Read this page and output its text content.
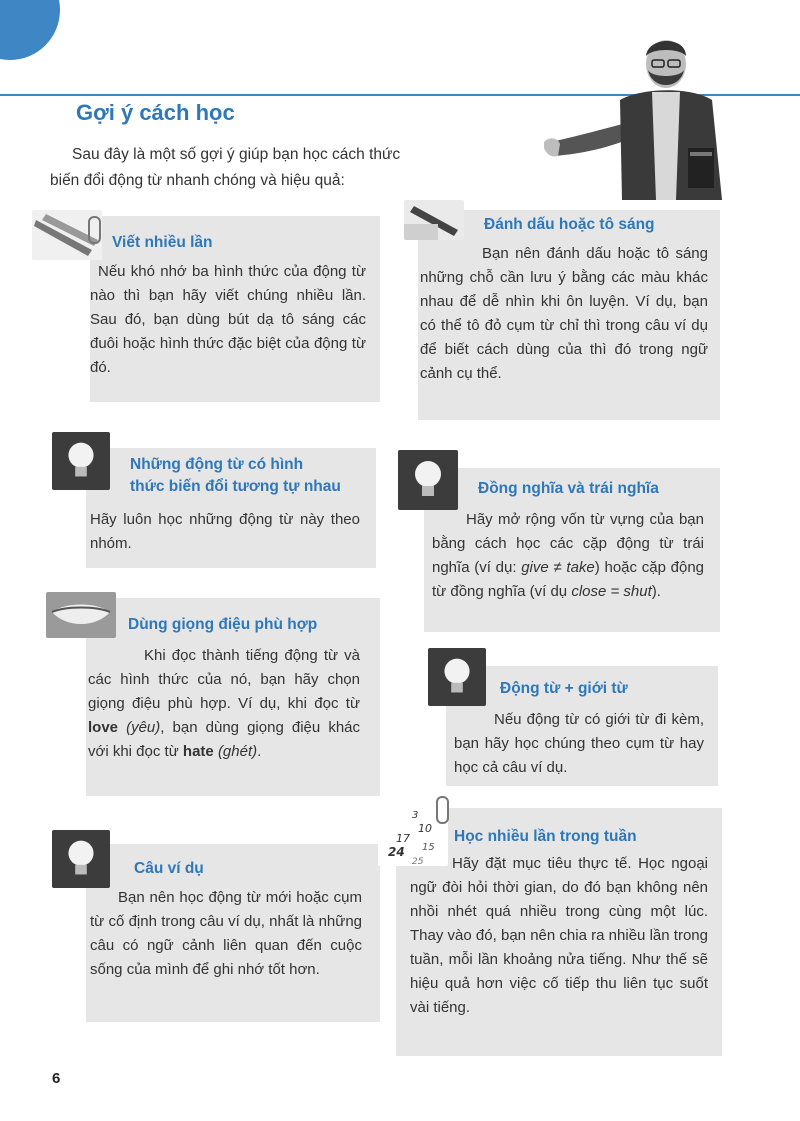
Gợi ý cách học
Sau đây là một số gợi ý giúp bạn học cách thức
biến đổi động từ nhanh chóng và hiệu quả:
Viết nhiều lần
Nếu khó nhớ ba hình thức của động từ nào thì bạn hãy viết chúng nhiều lần. Sau đó, bạn dùng bút dạ tô sáng các đuôi hoặc hình thức đặc biệt của động từ đó.
Đánh dấu hoặc tô sáng
Bạn nên đánh dấu hoặc tô sáng những chỗ cần lưu ý bằng các màu khác nhau để dễ nhìn khi ôn luyện. Ví dụ, bạn có thể tô đỏ cụm từ chỉ thì trong câu ví dụ để biết cách dùng của thì đó trong ngữ cảnh cụ thể.
Những động từ có hình
thức biến đổi tương tự nhau
Hãy luôn học những động từ này theo nhóm.
Đồng nghĩa và trái nghĩa
Hãy mở rộng vốn từ vựng của bạn bằng cách học các cặp động từ trái nghĩa (ví dụ: give ≠ take) hoặc cặp động từ đồng nghĩa (ví dụ close = shut).
Dùng giọng điệu phù hợp
Khi đọc thành tiếng động từ và các hình thức của nó, bạn hãy chọn giọng điệu phù hợp. Ví dụ, khi đọc từ love (yêu), bạn dùng giọng điệu khác với khi đọc từ hate (ghét).
Động từ + giới từ
Nếu động từ có giới từ đi kèm, bạn hãy học chúng theo cụm từ hay học cả câu ví dụ.
Câu ví dụ
Bạn nên học động từ mới hoặc cụm từ cố định trong câu ví dụ, nhất là những câu có ngữ cảnh liên quan đến cuộc sống của mình để ghi nhớ tốt hơn.
3
10
17
15
24
25
Học nhiều lần trong tuần
Hãy đặt mục tiêu thực tế. Học ngoại ngữ đòi hỏi thời gian, do đó bạn không nên nhồi nhét quá nhiều trong cùng một lúc. Thay vào đó, bạn nên chia ra nhiều lần trong tuần, mỗi lần khoảng nửa tiếng. Như thế sẽ hiệu quả hơn việc cố tiếp thu liên tục suốt vài tiếng.
6
